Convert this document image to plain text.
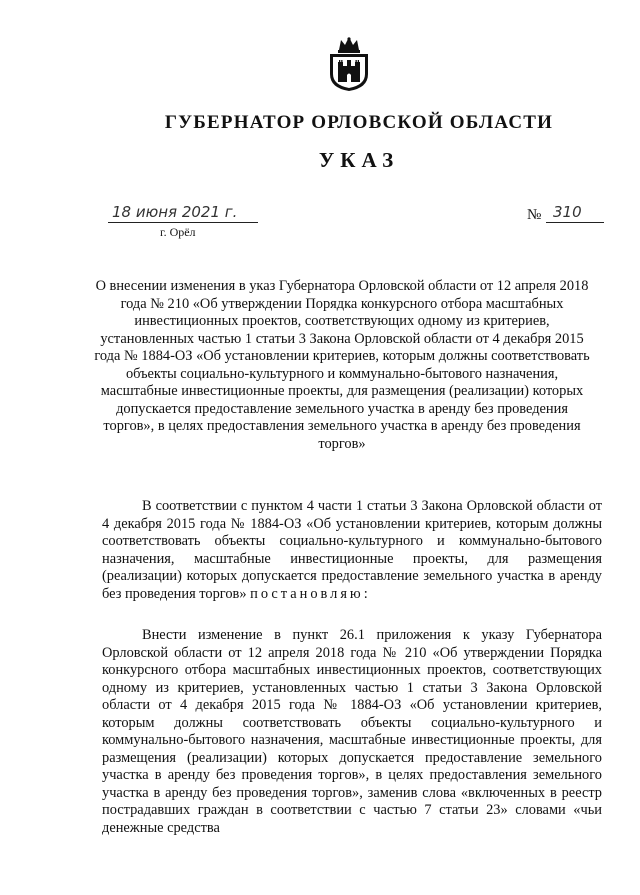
ГУБЕРНАТОР ОРЛОВСКОЙ ОБЛАСТИ
УКАЗ
18 июня 2021 г.
г. Орёл
№ 310
О внесении изменения в указ Губернатора Орловской области от 12 апреля 2018 года № 210 «Об утверждении Порядка конкурсного отбора масштабных инвестиционных проектов, соответствующих одному из критериев, установленных частью 1 статьи 3 Закона Орловской области от 4 декабря 2015 года № 1884-ОЗ «Об установлении критериев, которым должны соответствовать объекты социально-культурного и коммунально-бытового назначения, масштабные инвестиционные проекты, для размещения (реализации) которых допускается предоставление земельного участка в аренду без проведения торгов», в целях предоставления земельного участка в аренду без проведения торгов»
В соответствии с пунктом 4 части 1 статьи 3 Закона Орловской области от 4 декабря 2015 года № 1884-ОЗ «Об установлении критериев, которым должны соответствовать объекты социально-культурного и коммунально-бытового назначения, масштабные инвестиционные проекты, для размещения (реализации) которых допускается предоставление земельного участка в аренду без проведения торгов» постановляю:
Внести изменение в пункт 26.1 приложения к указу Губернатора Орловской области от 12 апреля 2018 года № 210 «Об утверждении Порядка конкурсного отбора масштабных инвестиционных проектов, соответствующих одному из критериев, установленных частью 1 статьи 3 Закона Орловской области от 4 декабря 2015 года № 1884-ОЗ «Об установлении критериев, которым должны соответствовать объекты социально-культурного и коммунально-бытового назначения, масштабные инвестиционные проекты, для размещения (реализации) которых допускается предоставление земельного участка в аренду без проведения торгов», в целях предоставления земельного участка в аренду без проведения торгов», заменив слова «включенных в реестр пострадавших граждан в соответствии с частью 7 статьи 23» словами «чьи денежные средства
